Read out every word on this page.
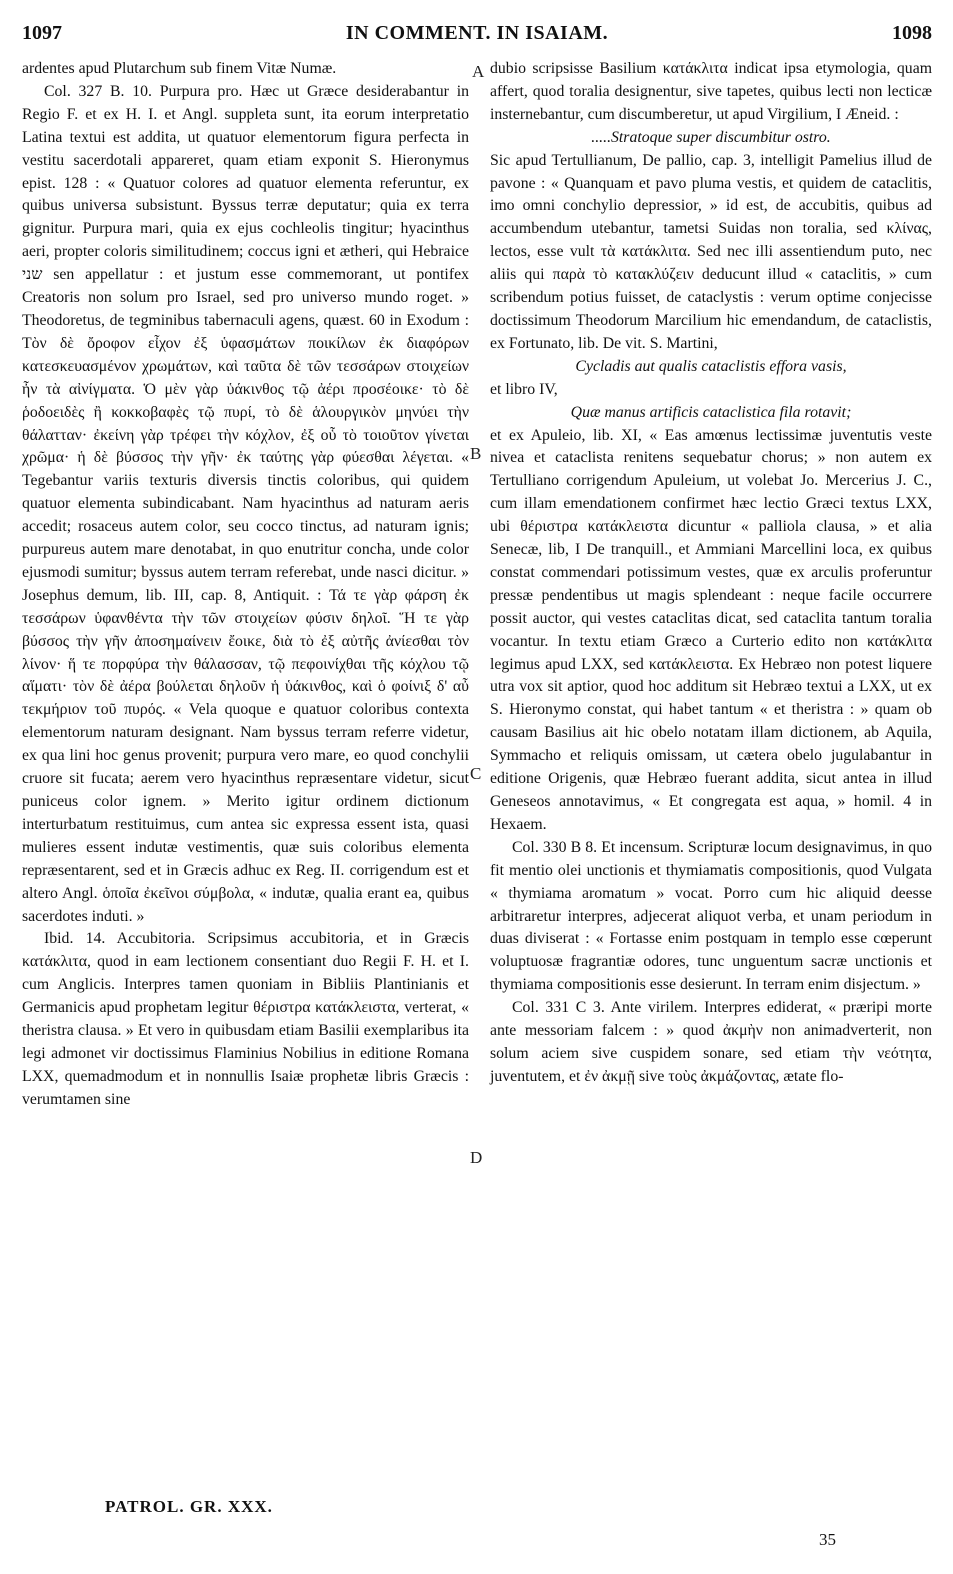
1097	IN COMMENT. IN ISAIAM.	1098

ardentes apud Plutarchum sub finem Vitæ Numæ.

Col. 327 B. 10. Purpura pro. Hæc ut Græce desiderabantur in Regio F. et ex H. I. et Angl. suppleta sunt, ita eorum interpretatio Latina textui est addita, ut quatuor elementorum figura perfecta in vestitu sacerdotali appareret, quam etiam exponit S. Hieronymus epist. 128 : « Quatuor colores ad quatuor elementa referuntur, ex quibus universa subsistunt. Byssus terræ deputatur; quia ex terra gignitur. Purpura mari, quia ex ejus cochleolis tingitur; hyacinthus aeri, propter coloris similitudinem; coccus igni et ætheri, qui Hebraice שני sen appellatur : et justum esse commemorant, ut pontifex Creatoris non solum pro Israel, sed pro universo mundo roget. » Theodoretus, de tegminibus tabernaculi agens, quæst. 60 in Exodum : Τὸν δὲ ὄροφον εἶχον ἐξ ὑφασμάτων ποικίλων ἐκ διαφόρων κατεσκευασμένον χρωμάτων, καὶ ταῦτα δὲ τῶν τεσσάρων στοιχείων ἦν τὰ αἰνίγματα. Ὁ μὲν γὰρ ὑάκινθος τῷ ἀέρι προσέοικε· τὸ δὲ ῥοδοειδὲς ἢ κοκκοβαφὲς τῷ πυρί, τὸ δὲ ἁλουργικὸν μηνύει τὴν θάλατταν· ἐκείνη γὰρ τρέφει τὴν κόχλον, ἐξ οὗ τὸ τοιοῦτον γίνεται χρῶμα· ἡ δὲ βύσσος τὴν γῆν· ἐκ ταύτης γὰρ φύεσθαι λέγεται. « Tegebantur variis texturis diversis tinctis coloribus, qui quidem quatuor elementa subindicabant. Nam hyacinthus ad naturam aeris accedit; rosaceus autem color, seu cocco tinctus, ad naturam ignis; purpureus autem mare denotabat, in quo enutritur concha, unde color ejusmodi sumitur; byssus autem terram referebat, unde nasci dicitur. » Josephus demum, lib. III, cap. 8, Antiquit. : Τά τε γὰρ φάρση ἐκ τεσσάρων ὑφανθέντα τὴν τῶν στοιχείων φύσιν δηλοῖ. Ἥ τε γὰρ βύσσος τὴν γῆν ἀποσημαίνειν ἔοικε, διὰ τὸ ἐξ αὐτῆς ἀνίεσθαι τὸν λίνον· ἥ τε πορφύρα τὴν θάλασσαν, τῷ πεφοινίχθαι τῆς κόχλου τῷ αἵματι· τὸν δὲ ἀέρα βούλεται δηλοῦν ἡ ὑάκινθος, καὶ ὁ φοίνιξ δ' αὖ τεκμήριον τοῦ πυρός. « Vela quoque e quatuor coloribus contexta elementorum naturam designant. Nam byssus terram referre videtur, ex qua lini hoc genus provenit; purpura vero mare, eo quod conchylii cruore sit fucata; aerem vero hyacinthus repræsentare videtur, sicut puniceus color ignem. » Merito igitur ordinem dictionum interturbatum restituimus, cum antea sic expressa essent ista, quasi mulieres essent indutæ vestimentis, quæ suis coloribus elementa repræsentarent, sed et in Græcis adhuc ex Reg. II. corrigendum est et altero Angl. ὁποῖα ἐκεῖνοι σύμβολα, « indutæ, qualia erant ea, quibus sacerdotes induti. »

Ibid. 14. Accubitoria. Scripsimus accubitoria, et in Græcis κατάκλιτα, quod in eam lectionem consentiant duo Regii F. H. et I. cum Anglicis. Interpres tamen quoniam in Bibliis Plantinianis et Germanicis apud prophetam legitur θέριστρα κατάκλειστα, verterat, « theristra clausa. » Et vero in quibusdam etiam Basilii exemplaribus ita legi admonet vir doctissimus Flaminius Nobilius in editione Romana LXX, quemadmodum et in nonnullis Isaiæ prophetæ libris Græcis : verumtamen sine

A
B
C
D

dubio scripsisse Basilium κατάκλιτα indicat ipsa etymologia, quam affert, quod toralia designentur, sive tapetes, quibus lecti non lecticæ insternebantur, cum discumberetur, ut apud Virgilium, I Æneid. :

.....Stratoque super discumbitur ostro.

Sic apud Tertullianum, De pallio, cap. 3, intelligit Pamelius illud de pavone : « Quanquam et pavo pluma vestis, et quidem de cataclitis, imo omni conchylio depressior, » id est, de accubitis, quibus ad accumbendum utebantur, tametsi Suidas non toralia, sed κλίνας, lectos, esse vult τὰ κατάκλιτα. Sed nec illi assentiendum puto, nec aliis qui παρὰ τὸ κατακλύζειν deducunt illud « cataclitis, » cum scribendum potius fuisset, de cataclystis : verum optime conjecisse doctissimum Theodorum Marcilium hic emendandum, de cataclistis, ex Fortunato, lib. De vit. S. Martini,

Cycladis aut qualis cataclistis effora vasis,

et libro IV,

Quæ manus artificis cataclistica fila rotavit;

et ex Apuleio, lib. XI, « Eas amœnus lectissimæ juventutis veste nivea et cataclista renitens sequebatur chorus; » non autem ex Tertulliano corrigendum Apuleium, ut volebat Jo. Mercerius J. C., cum illam emendationem confirmet hæc lectio Græci textus LXX, ubi θέριστρα κατάκλειστα dicuntur « palliola clausa, » et alia Senecæ, lib, I De tranquill., et Ammiani Marcellini loca, ex quibus constat commendari potissimum vestes, quæ ex arculis proferuntur pressæ pendentibus ut magis splendeant : neque facile occurrere possit auctor, qui vestes cataclitas dicat, sed cataclita tantum toralia vocantur. In textu etiam Græco a Curterio edito non κατάκλιτα legimus apud LXX, sed κατάκλειστα. Ex Hebræo non potest liquere utra vox sit aptior, quod hoc additum sit Hebræo textui a LXX, ut ex S. Hieronymo constat, qui habet tantum « et theristra : » quam ob causam Basilius ait hic obelo notatam illam dictionem, ab Aquila, Symmacho et reliquis omissam, ut cætera obelo jugulabantur in editione Origenis, quæ Hebræo fuerant addita, sicut antea in illud Geneseos annotavimus, « Et congregata est aqua, » homil. 4 in Hexaem.

Col. 330 B 8. Et incensum. Scripturæ locum designavimus, in quo fit mentio olei unctionis et thymiamatis compositionis, quod Vulgata « thymiama aromatum » vocat. Porro cum hic aliquid deesse arbitraretur interpres, adjecerat aliquot verba, et unam periodum in duas diviserat : « Fortasse enim postquam in templo esse cœperunt voluptuosæ fragrantiæ odores, tunc unguentum sacræ unctionis et thymiama compositionis esse desierunt. In terram enim disjectum. »

Col. 331 C 3. Ante virilem. Interpres ediderat, « præripi morte ante messoriam falcem : » quod ἀκμὴν non animadverterit, non solum aciem sive cuspidem sonare, sed etiam τὴν νεότητα, juventutem, et ἐν ἀκμῇ sive τοὺς ἀκμάζοντας, ætate flo-

PATROL. GR. XXX.
35
